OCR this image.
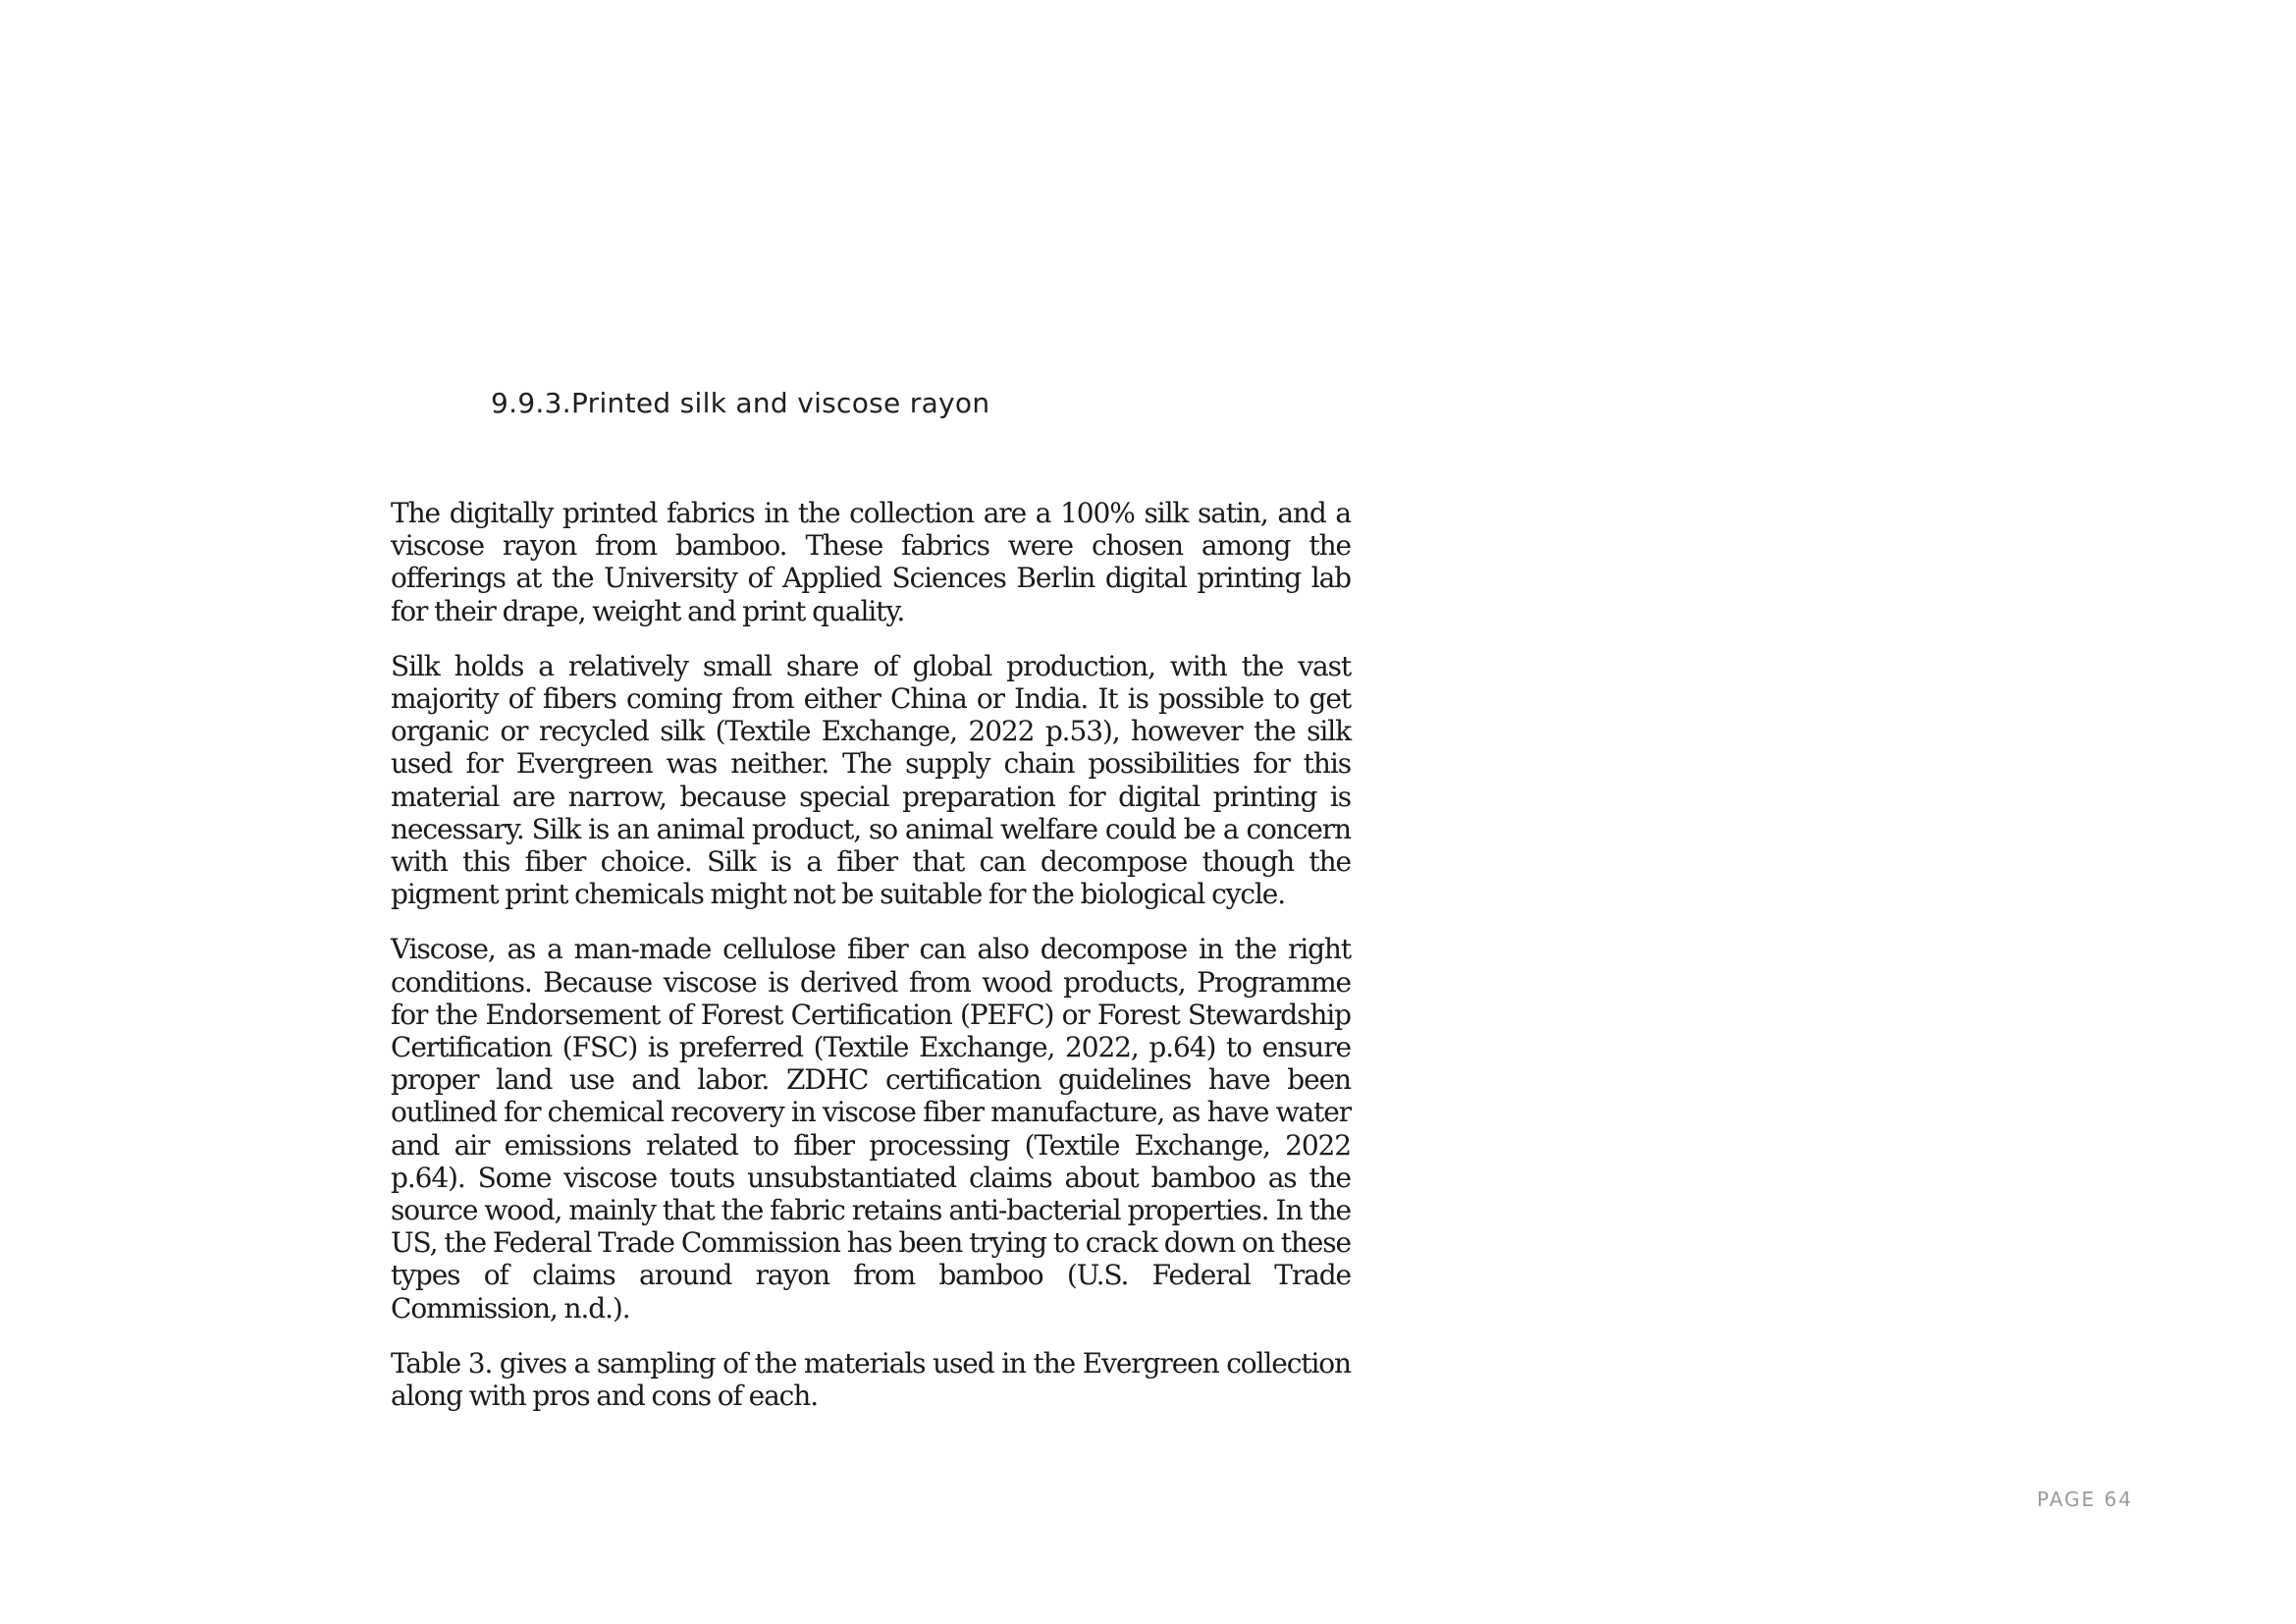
9.9.3.Printed silk and viscose rayon

The digitally printed fabrics in the collection are a 100% silk satin, and a viscose rayon from bamboo. These fabrics were chosen among the offerings at the University of Applied Sciences Berlin digital printing lab for their drape, weight and print quality.

Silk holds a relatively small share of global production, with the vast majority of fibers coming from either China or India. It is possible to get organic or recycled silk (Textile Exchange, 2022 p.53), however the silk used for Evergreen was neither. The supply chain possibilities for this material are narrow, because special preparation for digital printing is necessary. Silk is an animal product, so animal welfare could be a concern with this fiber choice. Silk is a fiber that can decompose though the pigment print chemicals might not be suitable for the biological cycle.

Viscose, as a man-made cellulose fiber can also decompose in the right conditions. Because viscose is derived from wood products, Programme for the Endorsement of Forest Certification (PEFC) or Forest Stewardship Certification (FSC) is preferred (Textile Exchange, 2022, p.64) to ensure proper land use and labor. ZDHC certification guidelines have been outlined for chemical recovery in viscose fiber manufacture, as have water and air emissions related to fiber processing (Textile Exchange, 2022 p.64). Some viscose touts unsubstantiated claims about bamboo as the source wood, mainly that the fabric retains anti-bacterial properties. In the US, the Federal Trade Commission has been trying to crack down on these types of claims around rayon from bamboo (U.S. Federal Trade Commission, n.d.).

Table 3. gives a sampling of the materials used in the Evergreen collection along with pros and cons of each.

PAGE 64
